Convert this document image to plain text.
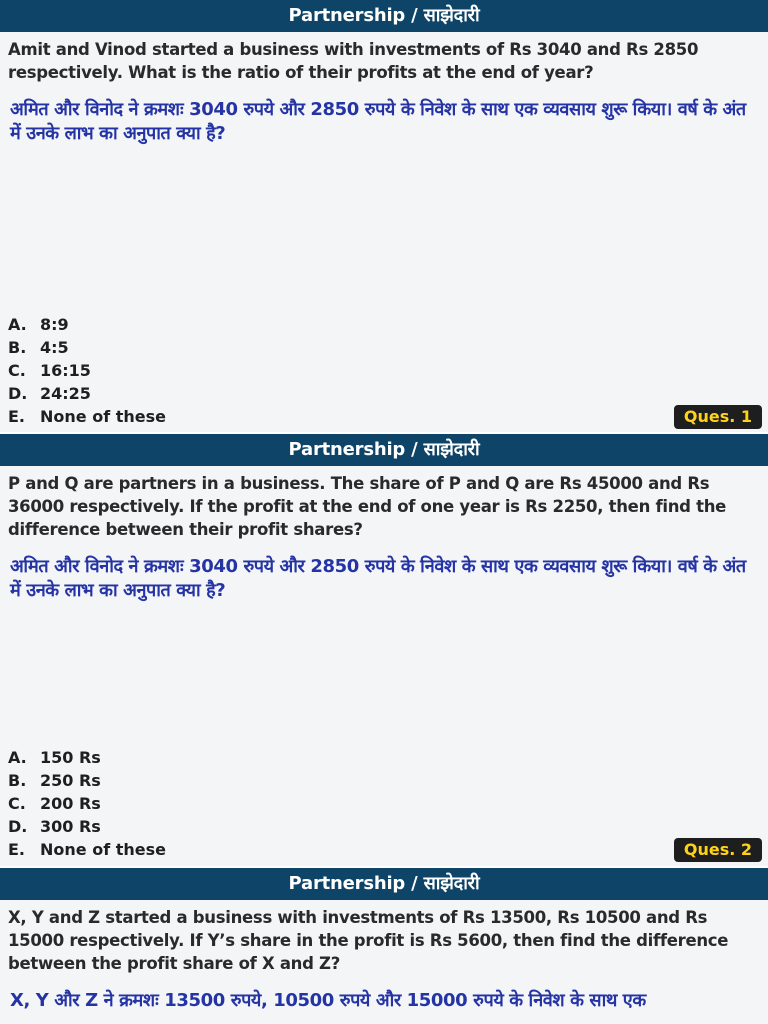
Partnership / साझेदारी
Amit and Vinod started a business with investments of Rs 3040 and Rs 2850 respectively. What is the ratio of their profits at the end of year?
अमित और विनोद ने क्रमशः 3040 रुपये और 2850 रुपये के निवेश के साथ एक व्यवसाय शुरू किया। वर्ष के अंत में उनके लाभ का अनुपात क्या है?
A. 8:9
B. 4:5
C. 16:15
D. 24:25
E. None of these	Ques. 1
Partnership / साझेदारी
P and Q are partners in a business. The share of P and Q are Rs 45000 and Rs 36000 respectively. If the profit at the end of one year is Rs 2250, then find the difference between their profit shares?
अमित और विनोद ने क्रमशः 3040 रुपये और 2850 रुपये के निवेश के साथ एक व्यवसाय शुरू किया। वर्ष के अंत में उनके लाभ का अनुपात क्या है?
A. 150 Rs
B. 250 Rs
C. 200 Rs
D. 300 Rs
E. None of these	Ques. 2
Partnership / साझेदारी
X, Y and Z started a business with investments of Rs 13500, Rs 10500 and Rs 15000 respectively. If Y’s share in the profit is Rs 5600, then find the difference between the profit share of X and Z?
X, Y और Z ने क्रमशः 13500 रुपये, 10500 रुपये और 15000 रुपये के निवेश के साथ एक
